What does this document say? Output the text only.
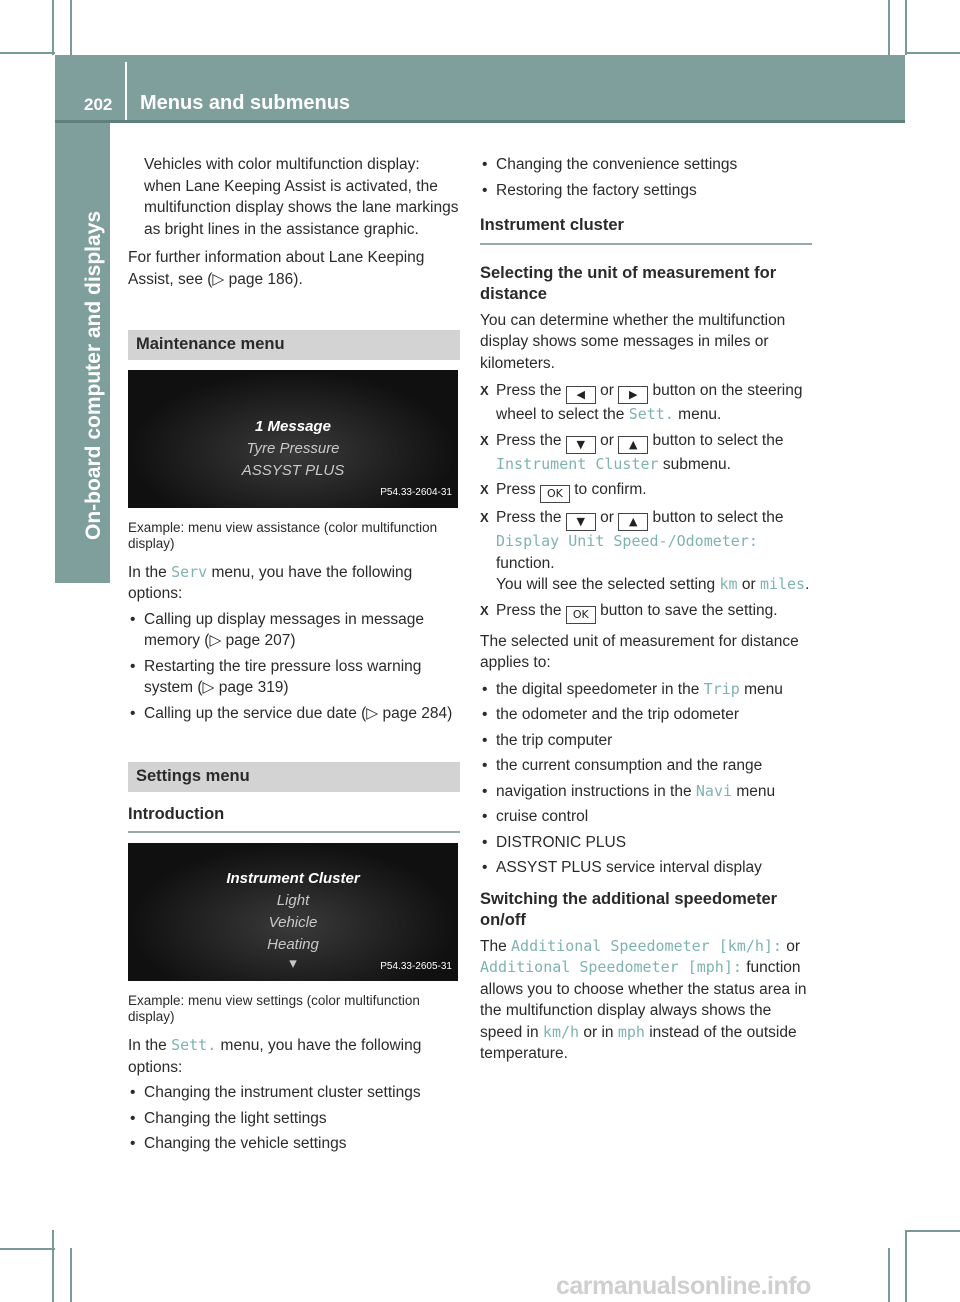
202 Menus and submenus
On-board computer and displays

Vehicles with color multifunction display: when Lane Keeping Assist is activated, the multifunction display shows the lane markings as bright lines in the assistance graphic.

For further information about Lane Keeping Assist, see (▷ page 186).

Maintenance menu

1 Message
Tyre Pressure
ASSYST PLUS
P54.33-2604-31

Example: menu view assistance (color multifunction display)

In the Serv menu, you have the following options:

• Calling up display messages in message memory (▷ page 207)

• Restarting the tire pressure loss warning system (▷ page 319)

• Calling up the service due date (▷ page 284)

Settings menu

Introduction

Instrument Cluster
Light
Vehicle
Heating
▾	P54.33-2605-31

Example: menu view settings (color multifunction display)

In the Sett. menu, you have the following options:

• Changing the instrument cluster settings

• Changing the light settings

• Changing the vehicle settings

• Changing the convenience settings

• Restoring the factory settings

Instrument cluster

Selecting the unit of measurement for distance

You can determine whether the multifunction display shows some messages in miles or kilometers.

X Press the ◀ or ▶ button on the steering wheel to select the Sett. menu.

X Press the ▼ or ▲ button to select the Instrument Cluster submenu.

X Press OK to confirm.

X Press the ▼ or ▲ button to select the Display Unit Speed-/Odometer: function.
You will see the selected setting km or miles.

X Press the OK button to save the setting.

The selected unit of measurement for distance applies to:

• the digital speedometer in the Trip menu

• the odometer and the trip odometer

• the trip computer

• the current consumption and the range

• navigation instructions in the Navi menu

• cruise control

• DISTRONIC PLUS

• ASSYST PLUS service interval display

Switching the additional speedometer on/off

The Additional Speedometer [km/h]: or Additional Speedometer [mph]: function allows you to choose whether the status area in the multifunction display always shows the speed in km/h or in mph instead of the outside temperature.

carmanualsonline.info
